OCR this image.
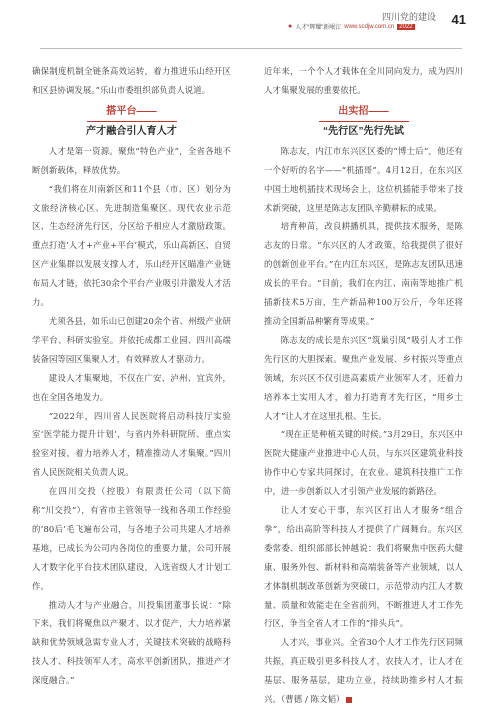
四川党的建设 41
● 人才“辉耀”新岷江 www.scdjw.com.cn 2022

确保制度机制全链条高效运转，着力推进乐山经开区和区县协调发展。”乐山市委组织部负责人说道。

搭平台——
产才融合引人育人才

人才是第一资源。聚焦“特色产业”，全省各地不断创新载体，释放优势。

“我们将在川南新区和11个县（市、区）划分为文旅经济核心区、先进制造集聚区、现代农业示范区、生态经济先行区，分区给予相应人才激励政策。重点打造‘人才+产业+平台’模式，乐山高新区、自贸区产业集群以发展支撑人才，乐山经开区瞄准产业链布局人才链，依托30余个平台产业吸引并激发人才活力。

尤须各县，如乐山已创建20余个省、州级产业研学平台、科研实验室。并依托成都工业园、四川高端装备园等园区集聚人才，有效释放人才驱动力。

建设人才集聚地，不仅在广安、泸州、宜宾外，也在全国各地发力。

“2022年，四川省人民医院将启动科技厅实验室‘医学能力提升计划’，与省内外科研院所、重点实验室对接，着力培养人才，精准推动人才集聚。”四川省人民医院相关负责人说。

在四川交投（控股）有限责任公司（以下简称“川交投”），有省市主管领导一线和各项工作经验的‘80后’毛飞遍布公司，与各地子公司共建人才培养基地，已成长为公司内各岗位的重要力量，公司开展人才数字化平台技术团队建设，入选省级人才计划工作。

推动人才与产业融合，川投集团董事长说：“除下来，我们将聚焦以产聚才、以才促产，大力培养紧缺和优势领域急需专业人才，关键技术突破的战略科技人才、科技领军人才，高水平创新团队，推进产才深度融合。”

近年来，一个个人才载体在全川同向发力，成为四川人才集聚发展的重要依托。

出实招——
“先行区”先行先试

陈志友，内江市东兴区区委的“博士后”，他还有一个好听的名字——“机插哥”。4月12日，在东兴区中国土地机插技术现场会上，这位机插能手带来了技术新突破，这里是陈志友团队辛勤耕耘的成果。

培育种苗，改良耕播机具，提供技术服务，是陈志友的日常。“东兴区的人才政策，给我提供了很好的创新创业平台。”在内江东兴区，是陈志友团队迅速成长的平台。“目前，我们在内江、南南等地推广机插新技术5万亩，生产新品种100万公斤，今年还将推动全国新品种繁育等成果。”

陈志友的成长是东兴区“筑巢引凤”吸引人才工作先行区的大胆探索。聚焦产业发展、乡村振兴等重点领域，东兴区不仅引进高素质产业领军人才，还着力培养本土实用人才，着力打造育才先行区，“用乡土人才”让人才在这里扎根、生长。

“现在正是种植关键的时候。”3月29日，东兴区中医院大健康产业推进中心人员，与东兴区建筑业科技协作中心专家共同探讨，在农业、建筑科技推广工作中，进一步创新以人才引领产业发展的新路径。

让人才安心干事，东兴区打出人才服务“组合拳”，给出高阶等科技人才提供了广阔舞台。东兴区委常委、组织部部长钟越说：我们将聚焦中医药大健康、服务外包、新材料和高端装备等产业领域，以人才体制机制改革创新为突破口，示范带动内江人才数量、质量和效能走在全省前列，不断推进人才工作先行区，争当全省人才工作的“排头兵”。

人才兴，事业兴。全省30个人才工作先行区同频共振，真正吸引更多科技人才，农技人才，让人才在基层、服务基层，建功立业，持续助推乡村人才振兴。（曹德 / 陈文韬）
